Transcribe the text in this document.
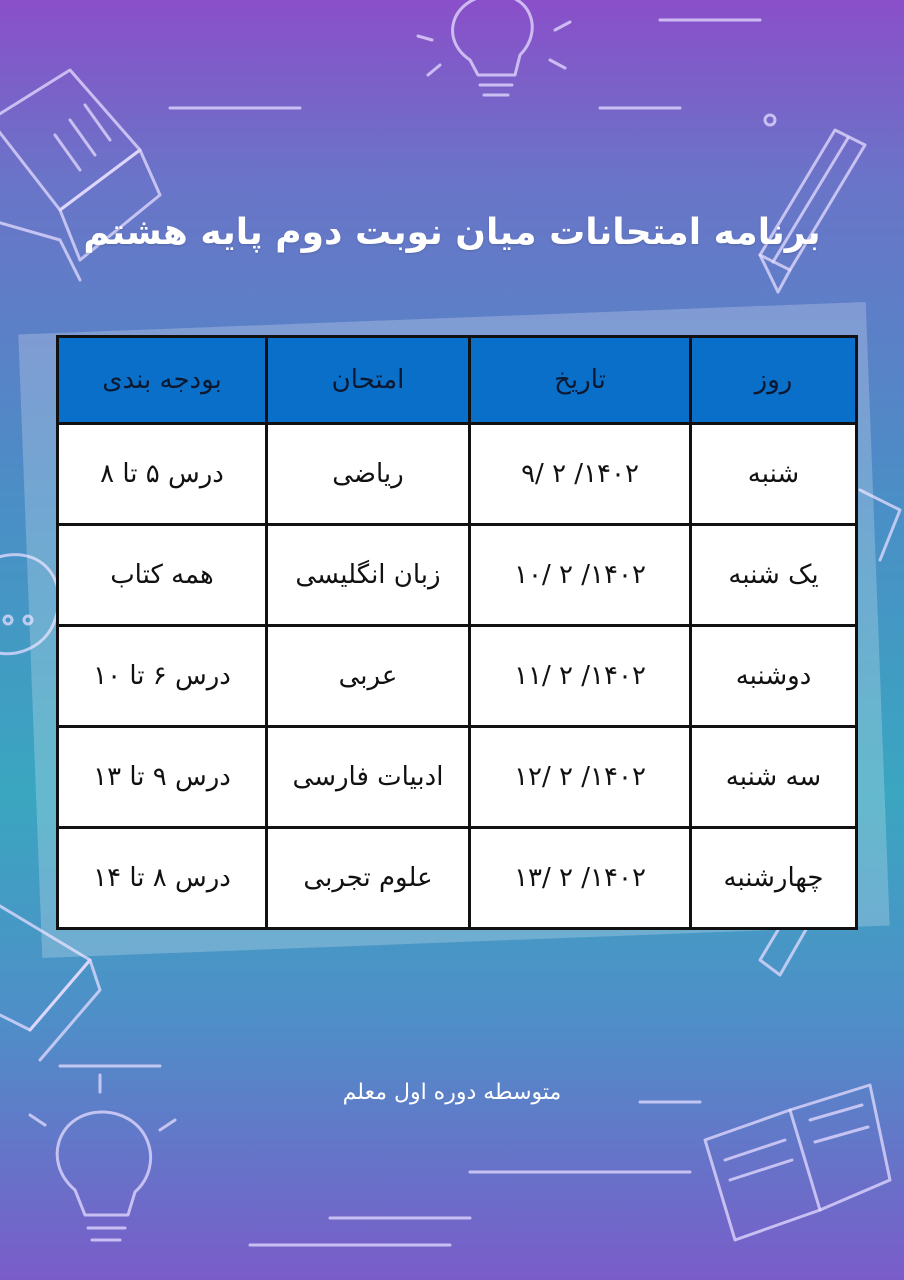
برنامه امتحانات میان نوبت دوم پایه هشتم
روز	تاریخ	امتحان	بودجه بندی
شنبه	۱۴۰۲/ ۲ /۹	ریاضی	درس ۵ تا ۸
یک شنبه	۱۴۰۲/ ۲ /۱۰	زبان انگلیسی	همه کتاب
دوشنبه	۱۴۰۲/ ۲ /۱۱	عربی	درس ۶ تا ۱۰
سه شنبه	۱۴۰۲/ ۲ /۱۲	ادبیات فارسی	درس ۹ تا ۱۳
چهارشنبه	۱۴۰۲/ ۲ /۱۳	علوم تجربی	درس ۸ تا ۱۴
متوسطه دوره اول معلم
